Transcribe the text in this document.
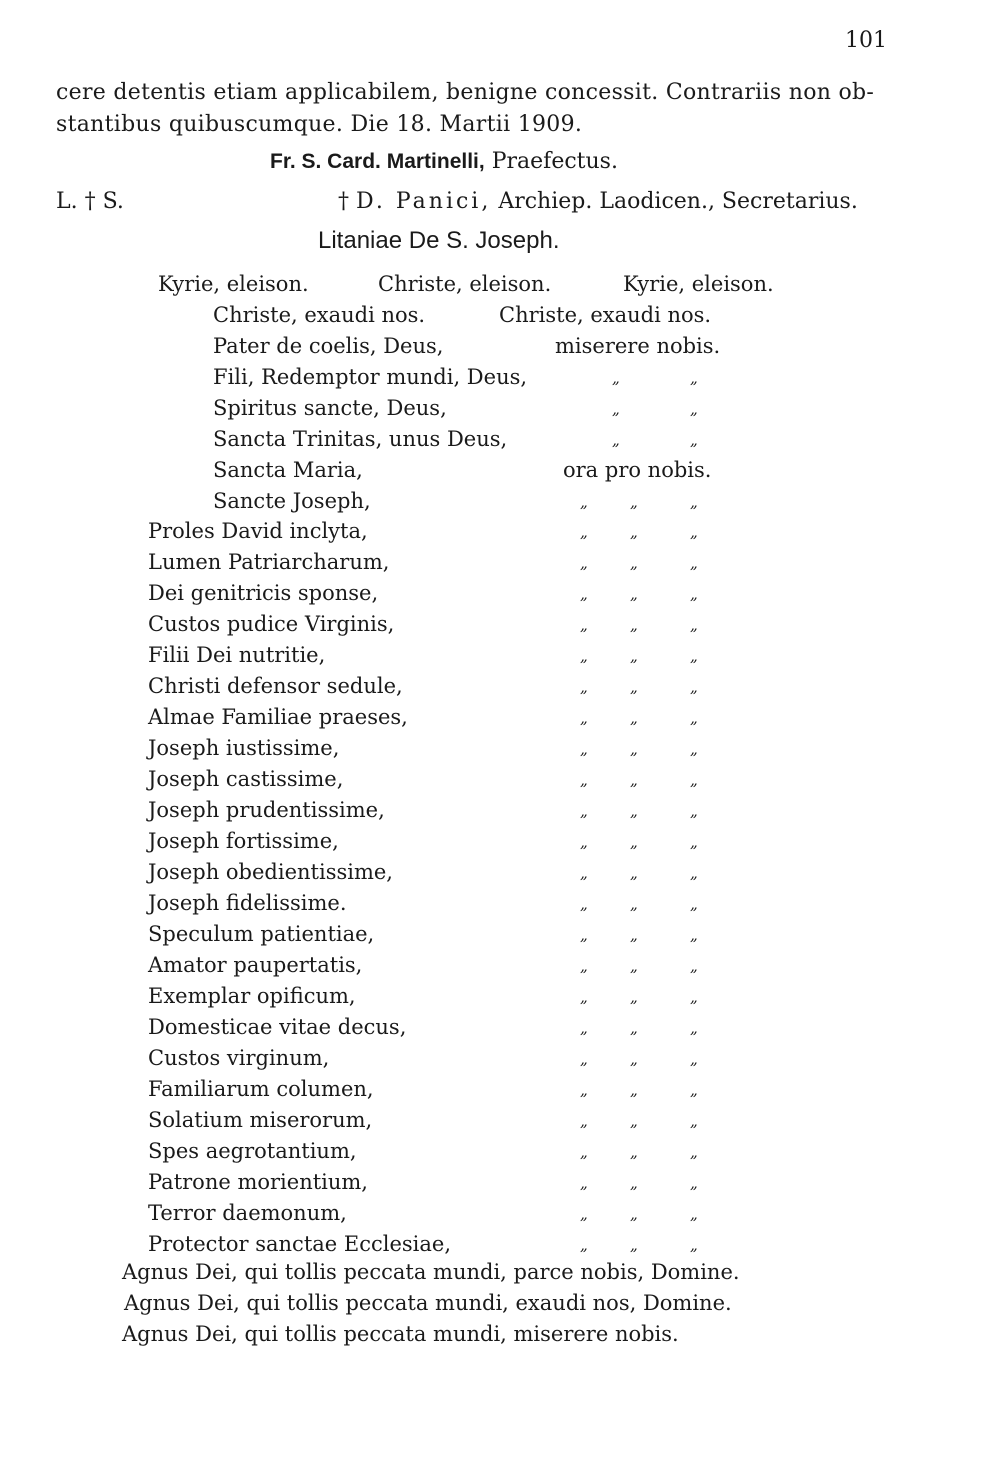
101
cere detentis etiam applicabilem, benigne concessit. Contrariis non ob-
stantibus quibuscumque. Die 18. Martii 1909.
Fr. S. Card. Martinelli, Praefectus.
L. † S.	† D. Panici, Archiep. Laodicen., Secretarius.
Litaniae De S. Joseph.
Kyrie, eleison.	Christe, eleison.	Kyrie, eleison.
Christe, exaudi nos.	Christe, exaudi nos.
Pater de coelis, Deus,	miserere nobis.
Fili, Redemptor mundi, Deus,	„	„
Spiritus sancte, Deus,	„	„
Sancta Trinitas, unus Deus,	„	„
Sancta Maria,	ora pro nobis.
Sancte Joseph,	„	„	„
Proles David inclyta,	„	„	„
Lumen Patriarcharum,	„	„	„
Dei genitricis sponse,	„	„	„
Custos pudice Virginis,	„	„	„
Filii Dei nutritie,	„	„	„
Christi defensor sedule,	„	„	„
Almae Familiae praeses,	„	„	„
Joseph iustissime,	„	„	„
Joseph castissime,	„	„	„
Joseph prudentissime,	„	„	„
Joseph fortissime,	„	„	„
Joseph obedientissime,	„	„	„
Joseph fidelissime.	„	„	„
Speculum patientiae,	„	„	„
Amator paupertatis,	„	„	„
Exemplar opificum,	„	„	„
Domesticae vitae decus,	„	„	„
Custos virginum,	„	„	„
Familiarum columen,	„	„	„
Solatium miserorum,	„	„	„
Spes aegrotantium,	„	„	„
Patrone morientium,	„	„	„
Terror daemonum,	„	„	„
Protector sanctae Ecclesiae,	„	„	„
Agnus Dei, qui tollis peccata mundi, parce nobis, Domine.
Agnus Dei, qui tollis peccata mundi, exaudi nos, Domine.
Agnus Dei, qui tollis peccata mundi, miserere nobis.
